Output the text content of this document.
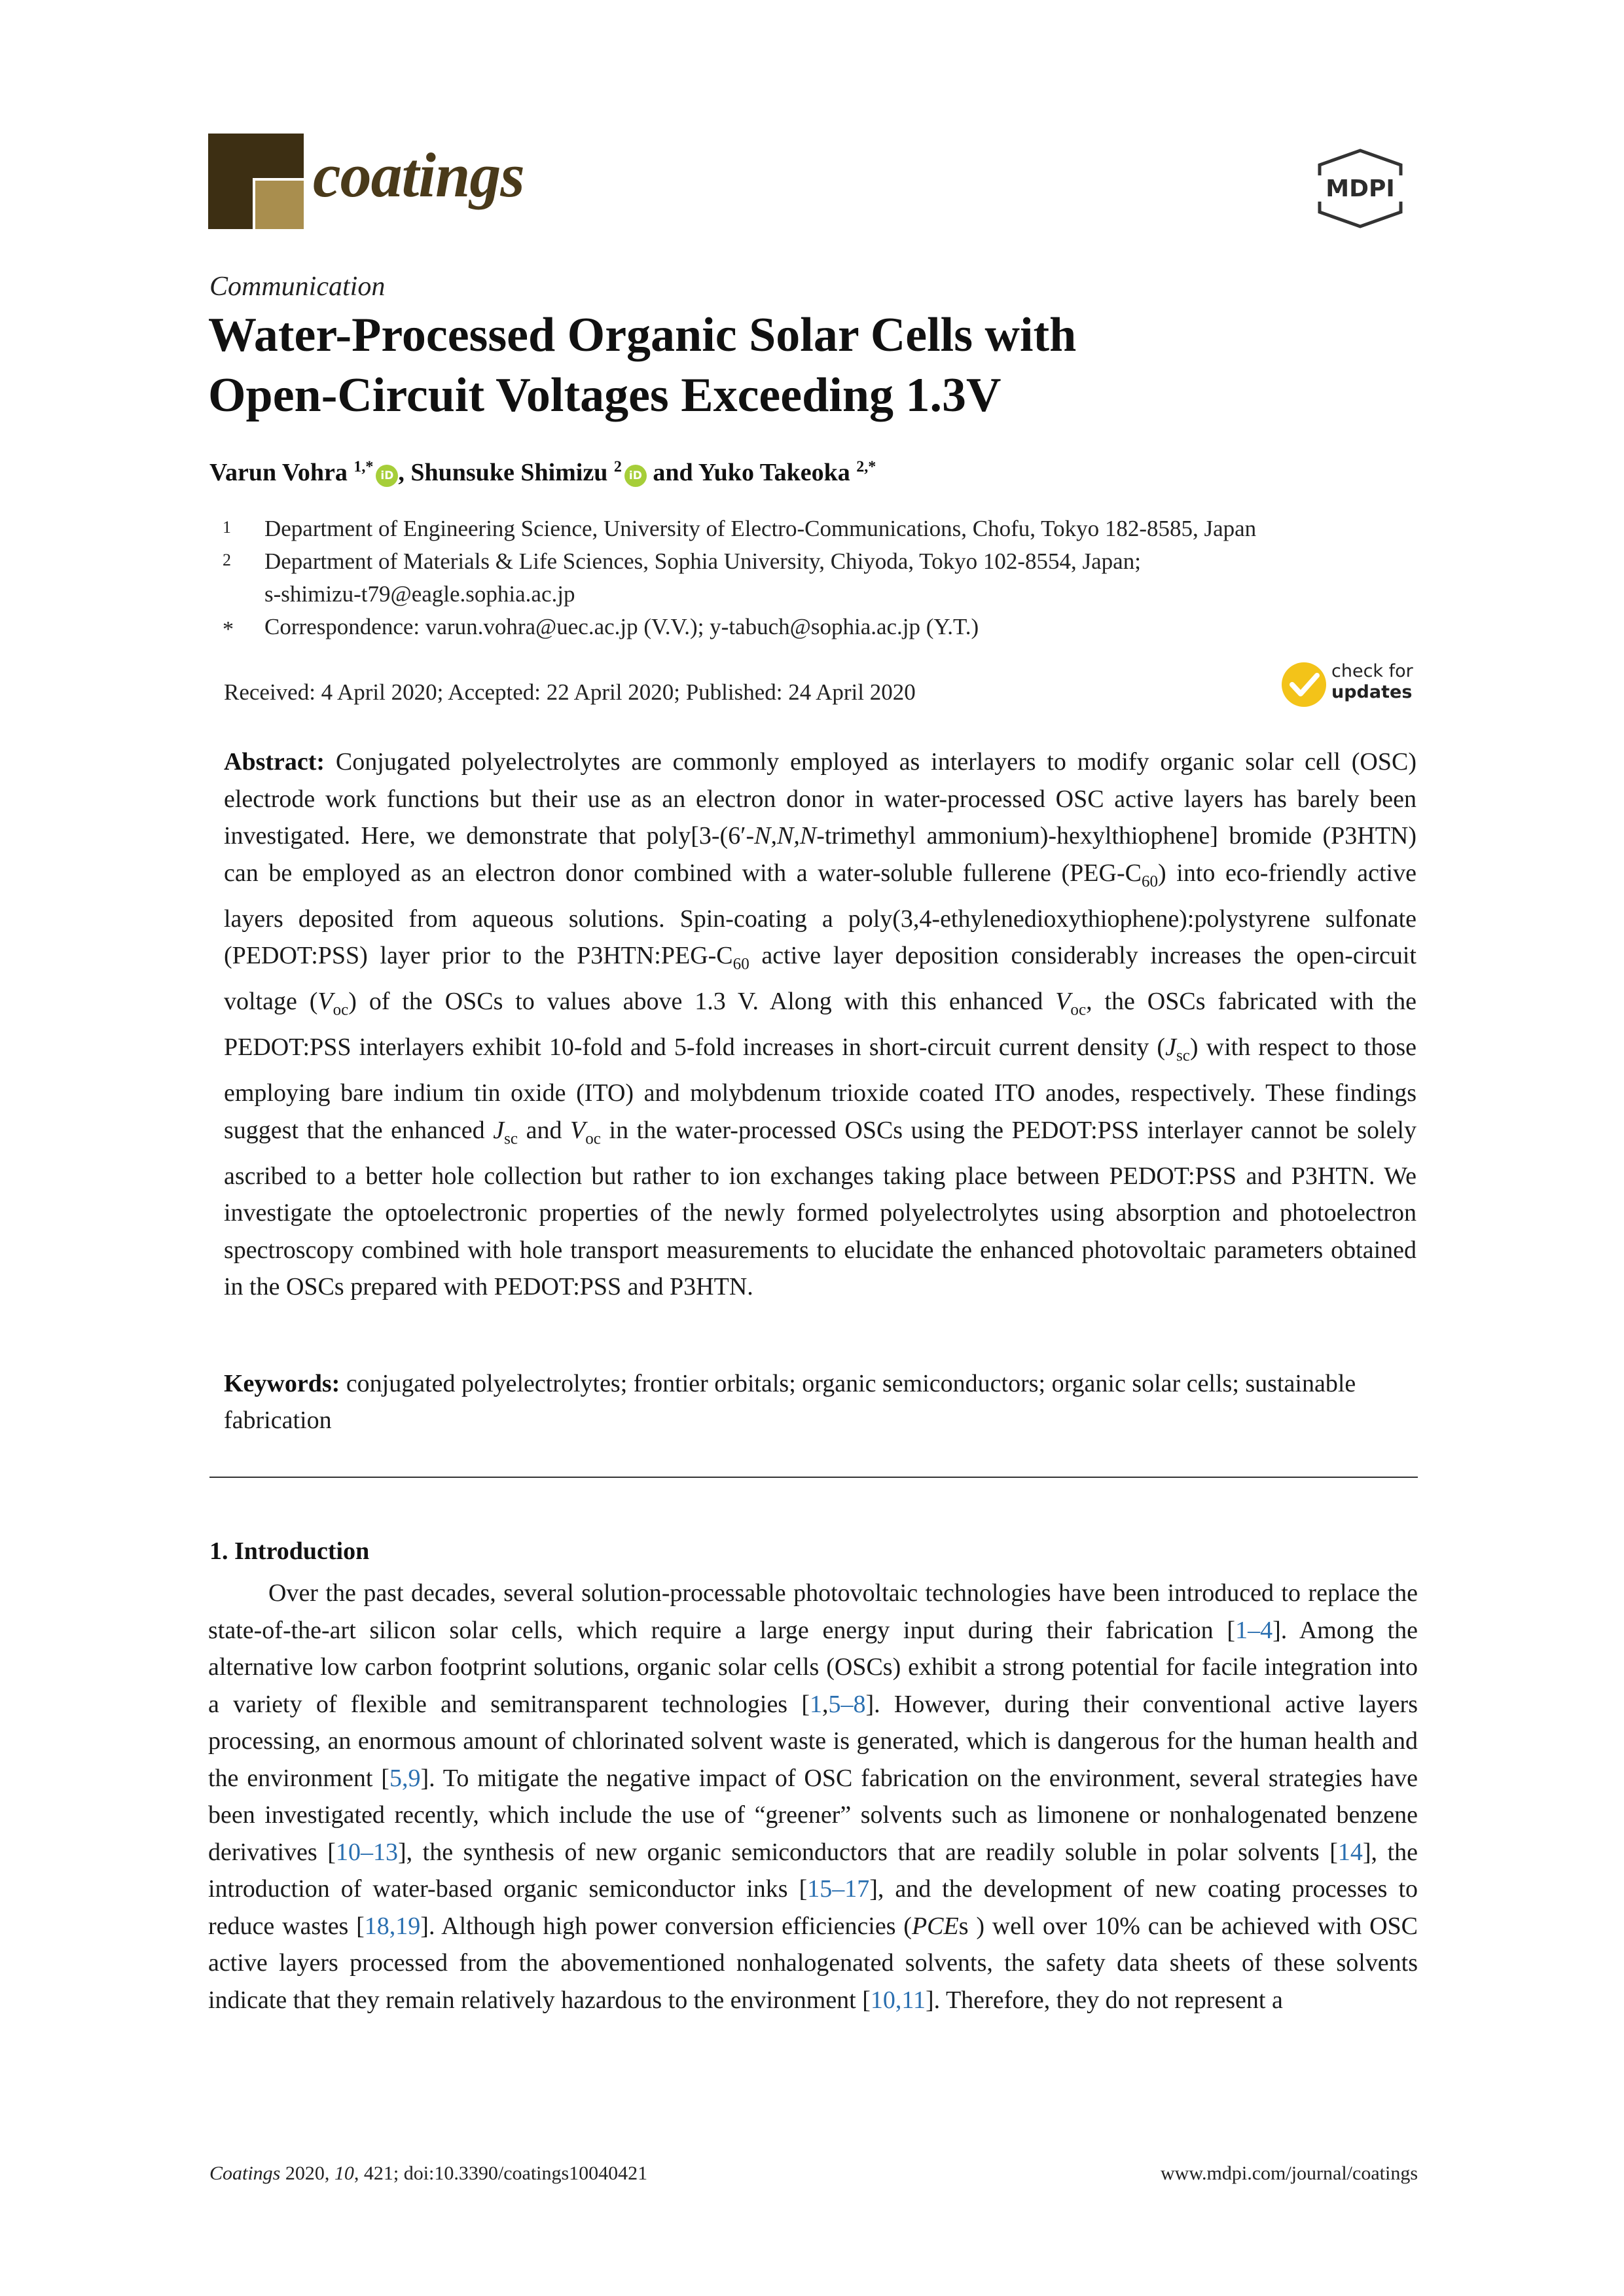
coatings	MDPI
Communication
Water-Processed Organic Solar Cells with
Open-Circuit Voltages Exceeding 1.3V
Varun Vohra $^{1,*}$iD , Shunsuke Shimizu $^2$iD and Yuko Takeoka $^{2,*}$
1 Department of Engineering Science, University of Electro-Communications, Chofu, Tokyo 182-8585, Japan
2 Department of Materials & Life Sciences, Sophia University, Chiyoda, Tokyo 102-8554, Japan;
s-shimizu-t79@eagle.sophia.ac.jp
* Correspondence: varun.vohra@uec.ac.jp (V.V.); y-tabuch@sophia.ac.jp (Y.T.)
Received: 4 April 2020; Accepted: 22 April 2020; Published: 24 April 2020
check for
updates

Abstract: Conjugated polyelectrolytes are commonly employed as interlayers to modify organic solar cell (OSC) electrode work functions but their use as an electron donor in water-processed OSC active layers has barely been investigated. Here, we demonstrate that poly[3-(6′-N,N,N-trimethyl ammonium)-hexylthiophene] bromide (P3HTN) can be employed as an electron donor combined with a water-soluble fullerene $(PEG-C_{60})$ into eco-friendly active layers deposited from aqueous solutions. Spin-coating a poly(3,4-ethylenedioxythiophene):polystyrene sulfonate (PEDOT:PSS) layer prior to the $P3HTN:PEG-C_{60}$ active layer deposition considerably increases the open-circuit voltage $(V_{oc})$ of the OSCs to values above 1.3 V. Along with this enhanced $V_{oc}$, the OSCs fabricated with the PEDOT:PSS interlayers exhibit 10-fold and 5-fold increases in short-circuit current density $(J_{sc})$ with respect to those employing bare indium tin oxide (ITO) and molybdenum trioxide coated ITO anodes, respectively. These findings suggest that the enhanced $J_{sc}$ and $V_{oc}$ in the water-processed OSCs using the PEDOT:PSS interlayer cannot be solely ascribed to a better hole collection but rather to ion exchanges taking place between PEDOT:PSS and P3HTN. We investigate the optoelectronic properties of the newly formed polyelectrolytes using absorption and photoelectron spectroscopy combined with hole transport measurements to elucidate the enhanced photovoltaic parameters obtained in the OSCs prepared with PEDOT:PSS and P3HTN.

Keywords: conjugated polyelectrolytes; frontier orbitals; organic semiconductors; organic solar cells; sustainable fabrication

1. Introduction

Over the past decades, several solution-processable photovoltaic technologies have been introduced to replace the state-of-the-art silicon solar cells, which require a large energy input during their fabrication [1–4]. Among the alternative low carbon footprint solutions, organic solar cells (OSCs) exhibit a strong potential for facile integration into a variety of flexible and semitransparent technologies [1,5–8]. However, during their conventional active layers processing, an enormous amount of chlorinated solvent waste is generated, which is dangerous for the human health and the environment [5,9]. To mitigate the negative impact of OSC fabrication on the environment, several strategies have been investigated recently, which include the use of “greener” solvents such as limonene or nonhalogenated benzene derivatives [10–13], the synthesis of new organic semiconductors that are readily soluble in polar solvents [14], the introduction of water-based organic semiconductor inks [15–17], and the development of new coating processes to reduce wastes [18,19]. Although high power conversion efficiencies (PCEs ) well over 10% can be achieved with OSC active layers processed from the abovementioned nonhalogenated solvents, the safety data sheets of these solvents indicate that they remain relatively hazardous to the environment [10,11]. Therefore, they do not represent a

Coatings 2020, 10, 421; doi:10.3390/coatings10040421	www.mdpi.com/journal/coatings
